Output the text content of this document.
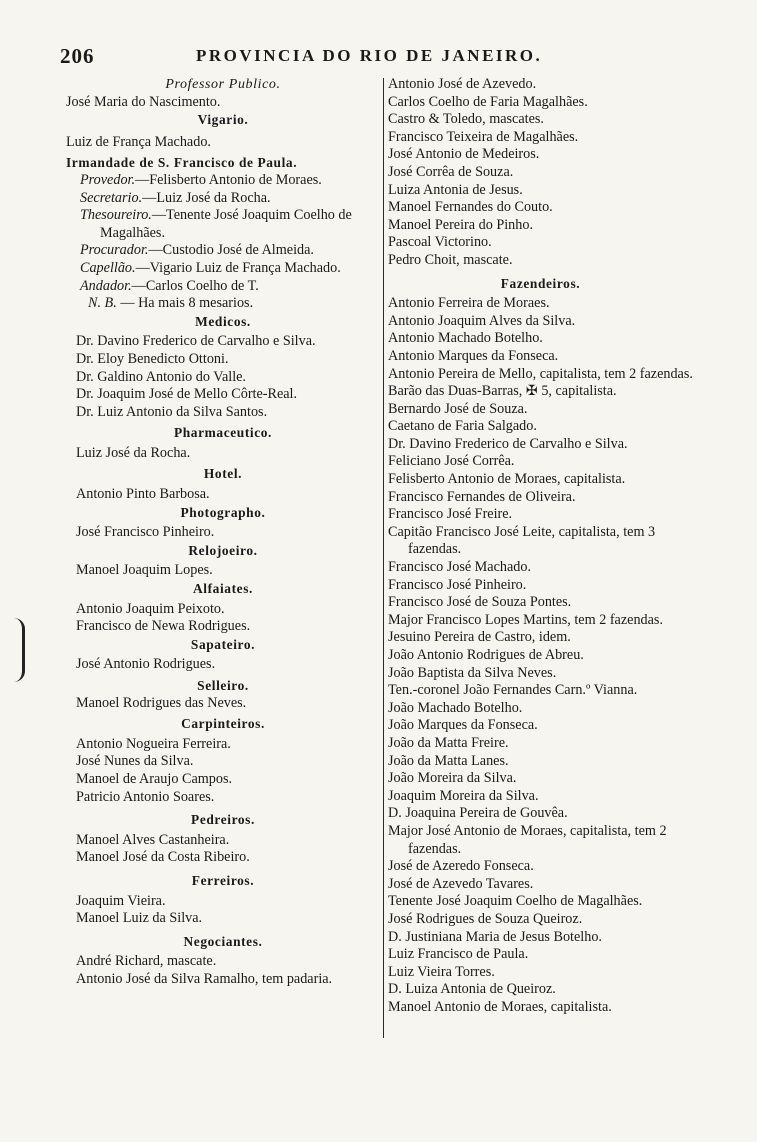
206	PROVINCIA DO RIO DE JANEIRO.
Professor Publico.
José Maria do Nascimento.
Vigario.
Luiz de França Machado.
Irmandade de S. Francisco de Paula.
Provedor.—Felisberto Antonio de Moraes.
Secretario.—Luiz José da Rocha.
Thesoureiro.—Tenente José Joaquim Coelho de Magalhães.
Procurador.—Custodio José de Almeida.
Capellão.—Vigario Luiz de França Machado.
Andador.—Carlos Coelho de T.
N. B. — Ha mais 8 mesarios.
Medicos.
Dr. Davino Frederico de Carvalho e Silva.
Dr. Eloy Benedicto Ottoni.
Dr. Galdino Antonio do Valle.
Dr. Joaquim José de Mello Côrte-Real.
Dr. Luiz Antonio da Silva Santos.
Pharmaceutico.
Luiz José da Rocha.
Hotel.
Antonio Pinto Barbosa.
Photographo.
José Francisco Pinheiro.
Relojoeiro.
Manoel Joaquim Lopes.
Alfaiates.
Antonio Joaquim Peixoto.
Francisco de Newa Rodrigues.
Sapateiro.
José Antonio Rodrigues.
Selleiro.
Manoel Rodrigues das Neves.
Carpinteiros.
Antonio Nogueira Ferreira.
José Nunes da Silva.
Manoel de Araujo Campos.
Patricio Antonio Soares.
Pedreiros.
Manoel Alves Castanheira.
Manoel José da Costa Ribeiro.
Ferreiros.
Joaquim Vieira.
Manoel Luiz da Silva.
Negociantes.
André Richard, mascate.
Antonio José da Silva Ramalho, tem padaria.
Antonio José de Azevedo.
Carlos Coelho de Faria Magalhães.
Castro & Toledo, mascates.
Francisco Teixeira de Magalhães.
José Antonio de Medeiros.
José Corrêa de Souza.
Luiza Antonia de Jesus.
Manoel Fernandes do Couto.
Manoel Pereira do Pinho.
Pascoal Victorino.
Pedro Choit, mascate.
Fazendeiros.
Antonio Ferreira de Moraes.
Antonio Joaquim Alves da Silva.
Antonio Machado Botelho.
Antonio Marques da Fonseca.
Antonio Pereira de Mello, capitalista, tem 2 fazendas.
Barão das Duas-Barras, ✠ 5, capitalista.
Bernardo José de Souza.
Caetano de Faria Salgado.
Dr. Davino Frederico de Carvalho e Silva.
Feliciano José Corrêa.
Felisberto Antonio de Moraes, capitalista.
Francisco Fernandes de Oliveira.
Francisco José Freire.
Capitão Francisco José Leite, capitalista, tem 3 fazendas.
Francisco José Machado.
Francisco José Pinheiro.
Francisco José de Souza Pontes.
Major Francisco Lopes Martins, tem 2 fazendas.
Jesuino Pereira de Castro, idem.
João Antonio Rodrigues de Abreu.
João Baptista da Silva Neves.
Ten.-coronel João Fernandes Carn.º Vianna.
João Machado Botelho.
João Marques da Fonseca.
João da Matta Freire.
João da Matta Lanes.
João Moreira da Silva.
Joaquim Moreira da Silva.
D. Joaquina Pereira de Gouvêa.
Major José Antonio de Moraes, capitalista, tem 2 fazendas.
José de Azeredo Fonseca.
José de Azevedo Tavares.
Tenente José Joaquim Coelho de Magalhães.
José Rodrigues de Souza Queiroz.
D. Justiniana Maria de Jesus Botelho.
Luiz Francisco de Paula.
Luiz Vieira Torres.
D. Luiza Antonia de Queiroz.
Manoel Antonio de Moraes, capitalista.
